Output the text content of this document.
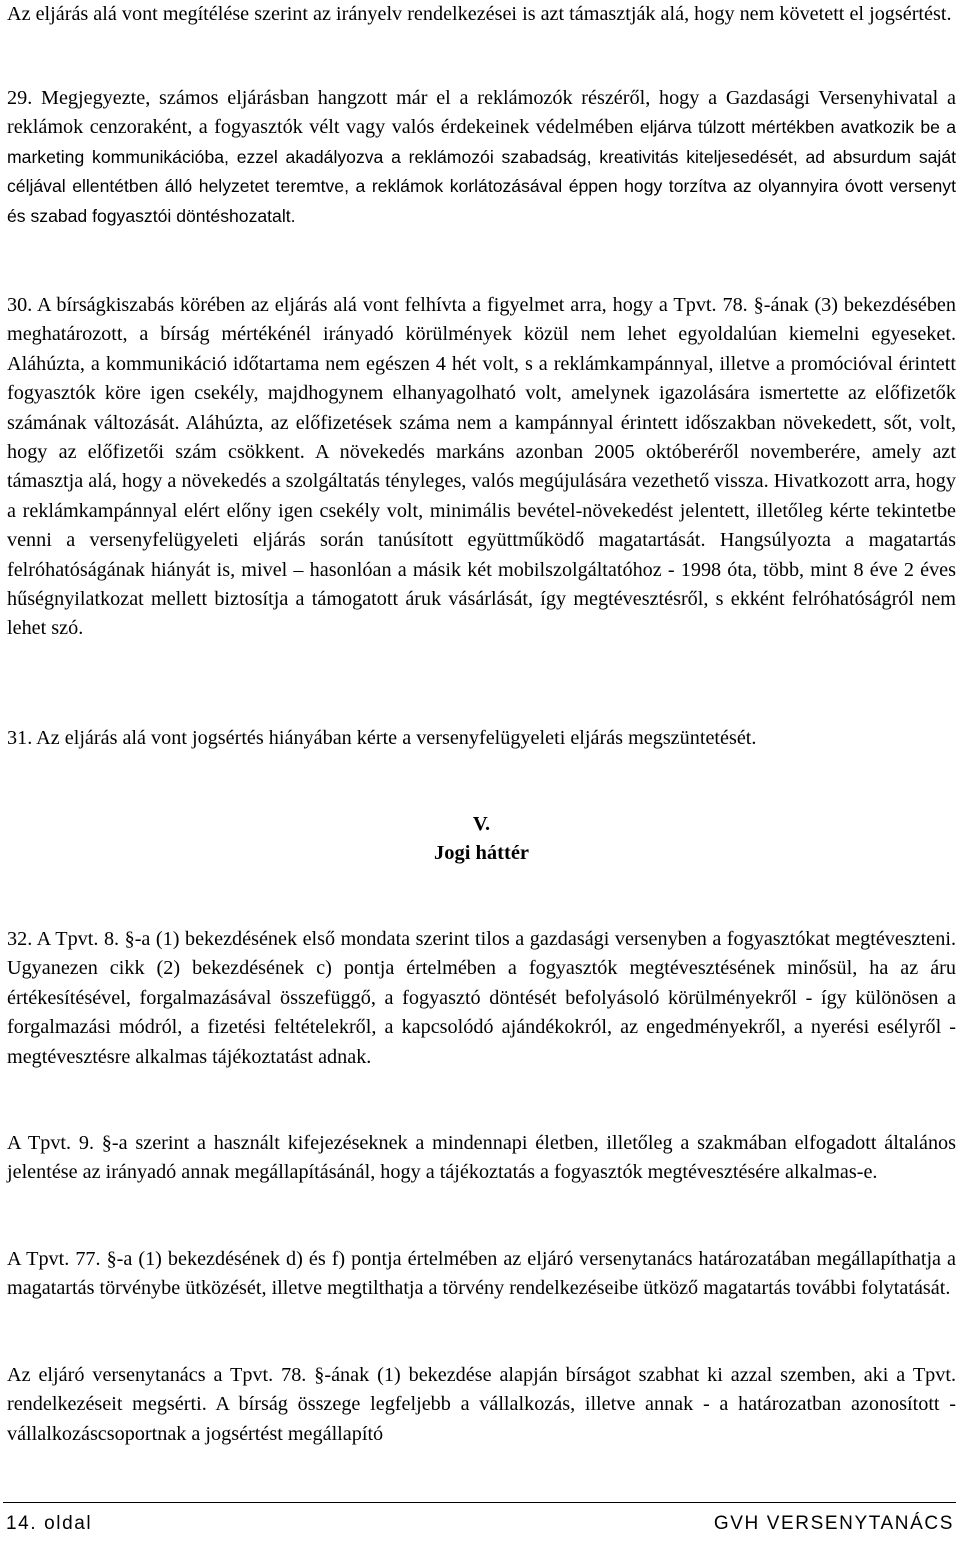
Az eljárás alá vont megítélése szerint az irányelv rendelkezései is azt támasztják alá, hogy nem követett el jogsértést.

29. Megjegyezte, számos eljárásban hangzott már el a reklámozók részéről, hogy a Gazdasági Versenyhivatal a reklámok cenzoraként, a fogyasztók vélt vagy valós érdekeinek védelmében eljárva túlzott mértékben avatkozik be a marketing kommunikációba, ezzel akadályozva a reklámozói szabadság, kreativitás kiteljesedését, ad absurdum saját céljával ellentétben álló helyzetet teremtve, a reklámok korlátozásával éppen hogy torzítva az olyannyira óvott versenyt és szabad fogyasztói döntéshozatalt.

30. A bírságkiszabás körében az eljárás alá vont felhívta a figyelmet arra, hogy a Tpvt. 78. §-ának (3) bekezdésében meghatározott, a bírság mértékénél irányadó körülmények közül nem lehet egyoldalúan kiemelni egyeseket. Aláhúzta, a kommunikáció időtartama nem egészen 4 hét volt, s a reklámkampánnyal, illetve a promócióval érintett fogyasztók köre igen csekély, majdhogynem elhanyagolható volt, amelynek igazolására ismertette az előfizetők számának változását. Aláhúzta, az előfizetések száma nem a kampánnyal érintett időszakban növekedett, sőt, volt, hogy az előfizetői szám csökkent. A növekedés markáns azonban 2005 októberéről novemberére, amely azt támasztja alá, hogy a növekedés a szolgáltatás tényleges, valós megújulására vezethető vissza. Hivatkozott arra, hogy a reklámkampánnyal elért előny igen csekély volt, minimális bevétel-növekedést jelentett, illetőleg kérte tekintetbe venni a versenyfelügyeleti eljárás során tanúsított együttműködő magatartását. Hangsúlyozta a magatartás felróhatóságának hiányát is, mivel – hasonlóan a másik két mobilszolgáltatóhoz - 1998 óta, több, mint 8 éve 2 éves hűségnyilatkozat mellett biztosítja a támogatott áruk vásárlását, így megtévesztésről, s ekként felróhatóságról nem lehet szó.

31. Az eljárás alá vont jogsértés hiányában kérte a versenyfelügyeleti eljárás megszüntetését.

V.

Jogi háttér

32. A Tpvt. 8. §-a (1) bekezdésének első mondata szerint tilos a gazdasági versenyben a fogyasztókat megtéveszteni. Ugyanezen cikk (2) bekezdésének c) pontja értelmében a fogyasztók megtévesztésének minősül, ha az áru értékesítésével, forgalmazásával összefüggő, a fogyasztó döntését befolyásoló körülményekről - így különösen a forgalmazási módról, a fizetési feltételekről, a kapcsolódó ajándékokról, az engedményekről, a nyerési esélyről - megtévesztésre alkalmas tájékoztatást adnak.

A Tpvt. 9. §-a szerint a használt kifejezéseknek a mindennapi életben, illetőleg a szakmában elfogadott általános jelentése az irányadó annak megállapításánál, hogy a tájékoztatás a fogyasztók megtévesztésére alkalmas-e.

A Tpvt. 77. §-a (1) bekezdésének d) és f) pontja értelmében az eljáró versenytanács határozatában megállapíthatja a magatartás törvénybe ütközését, illetve megtilthatja a törvény rendelkezéseibe ütköző magatartás további folytatását.

Az eljáró versenytanács a Tpvt. 78. §-ának (1) bekezdése alapján bírságot szabhat ki azzal szemben, aki a Tpvt. rendelkezéseit megsérti. A bírság összege legfeljebb a vállalkozás, illetve annak - a határozatban azonosított - vállalkozáscsoportnak a jogsértést megállapító

14. oldal	GVH VERSENYTANÁCS
